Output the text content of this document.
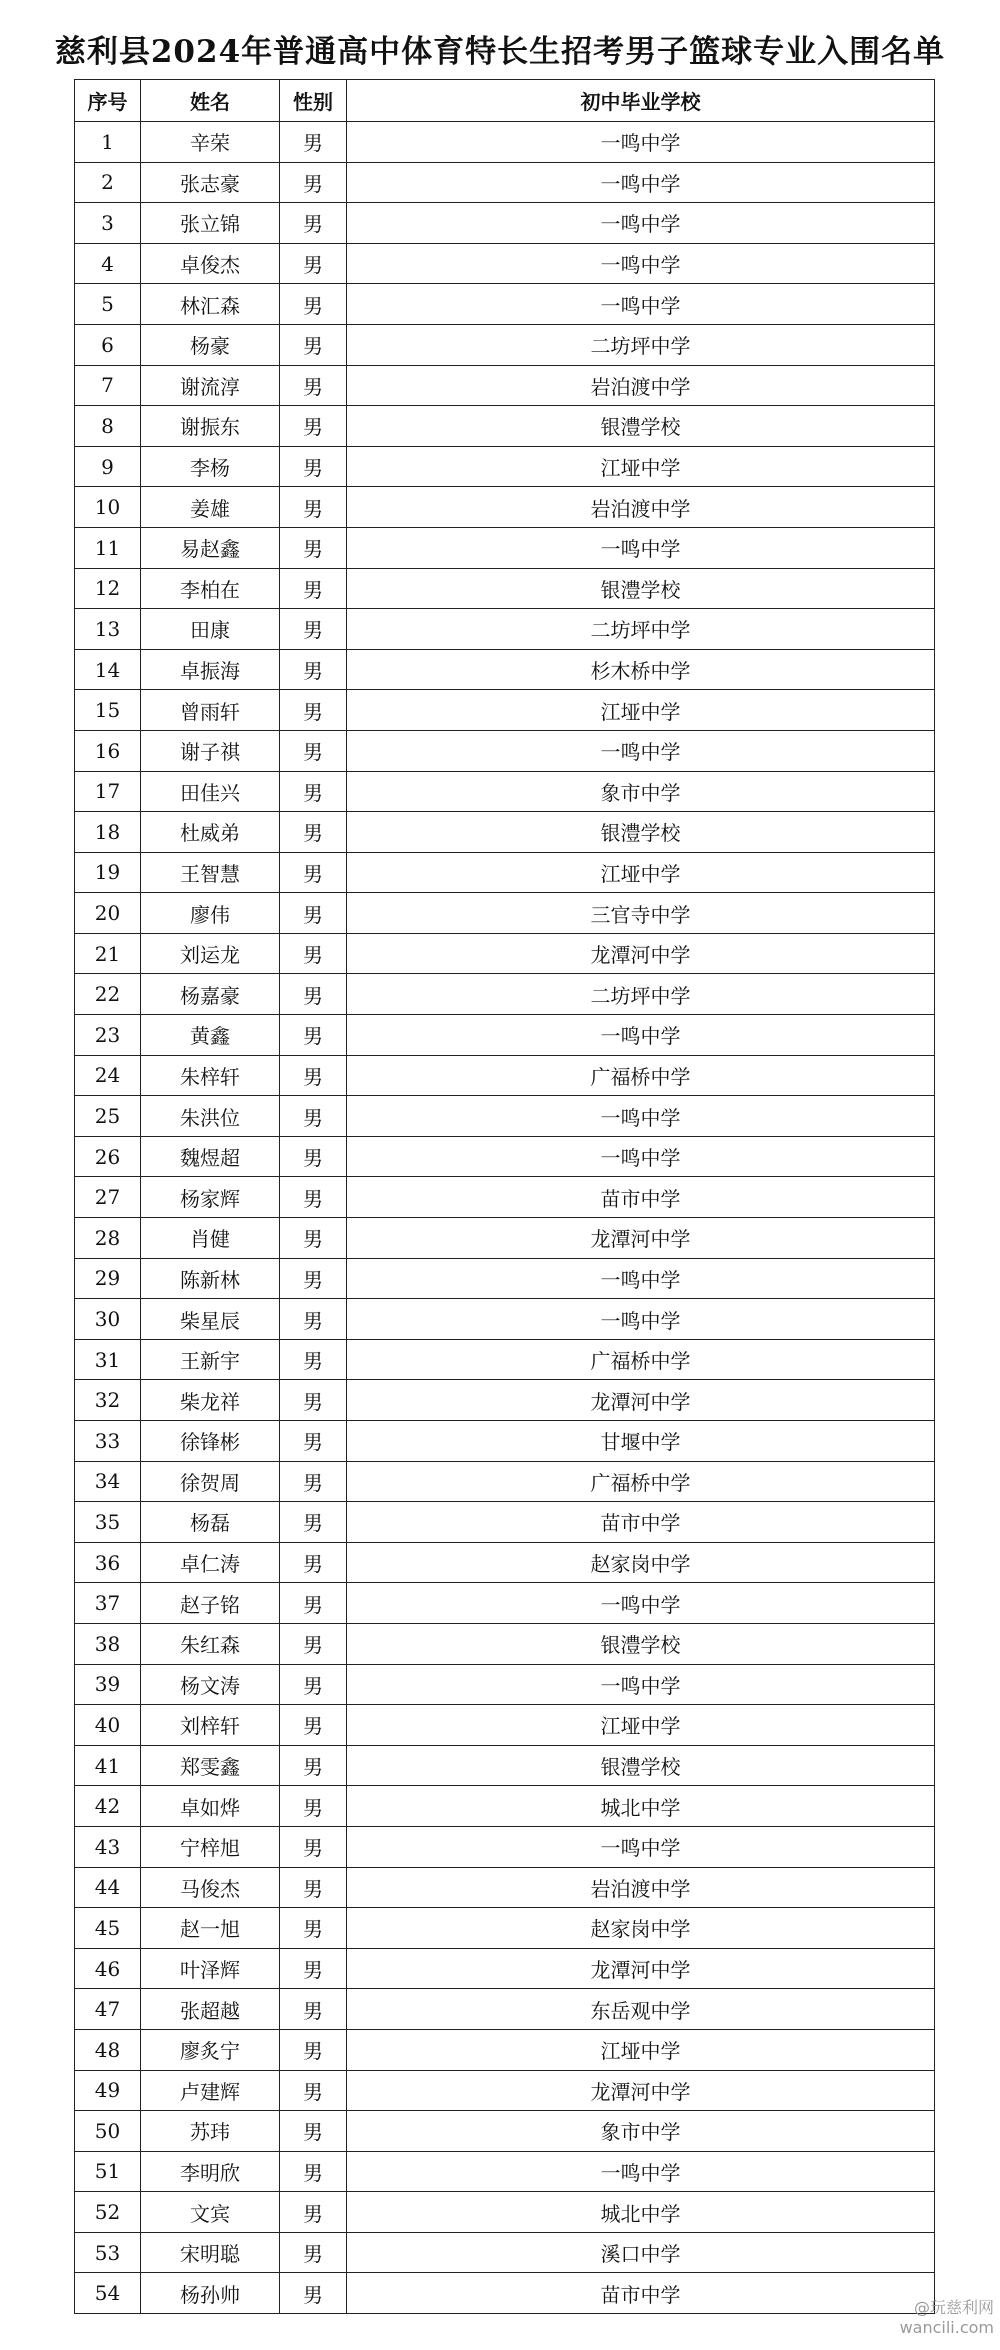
慈利县2024年普通高中体育特长生招考男子篮球专业入围名单
序号	姓名	性别	初中毕业学校
1	辛荣	男	一鸣中学
2	张志豪	男	一鸣中学
3	张立锦	男	一鸣中学
4	卓俊杰	男	一鸣中学
5	林汇森	男	一鸣中学
6	杨豪	男	二坊坪中学
7	谢流淳	男	岩泊渡中学
8	谢振东	男	银澧学校
9	李杨	男	江垭中学
10	姜雄	男	岩泊渡中学
11	易赵鑫	男	一鸣中学
12	李柏在	男	银澧学校
13	田康	男	二坊坪中学
14	卓振海	男	杉木桥中学
15	曾雨轩	男	江垭中学
16	谢子祺	男	一鸣中学
17	田佳兴	男	象市中学
18	杜威弟	男	银澧学校
19	王智慧	男	江垭中学
20	廖伟	男	三官寺中学
21	刘运龙	男	龙潭河中学
22	杨嘉豪	男	二坊坪中学
23	黄鑫	男	一鸣中学
24	朱梓轩	男	广福桥中学
25	朱洪位	男	一鸣中学
26	魏煜超	男	一鸣中学
27	杨家辉	男	苗市中学
28	肖健	男	龙潭河中学
29	陈新林	男	一鸣中学
30	柴星辰	男	一鸣中学
31	王新宇	男	广福桥中学
32	柴龙祥	男	龙潭河中学
33	徐锋彬	男	甘堰中学
34	徐贺周	男	广福桥中学
35	杨磊	男	苗市中学
36	卓仁涛	男	赵家岗中学
37	赵子铭	男	一鸣中学
38	朱红森	男	银澧学校
39	杨文涛	男	一鸣中学
40	刘梓轩	男	江垭中学
41	郑雯鑫	男	银澧学校
42	卓如烨	男	城北中学
43	宁梓旭	男	一鸣中学
44	马俊杰	男	岩泊渡中学
45	赵一旭	男	赵家岗中学
46	叶泽辉	男	龙潭河中学
47	张超越	男	东岳观中学
48	廖炙宁	男	江垭中学
49	卢建辉	男	龙潭河中学
50	苏玮	男	象市中学
51	李明欣	男	一鸣中学
52	文宾	男	城北中学
53	宋明聪	男	溪口中学
54	杨孙帅	男	苗市中学
@玩慈利网
wancili.com
